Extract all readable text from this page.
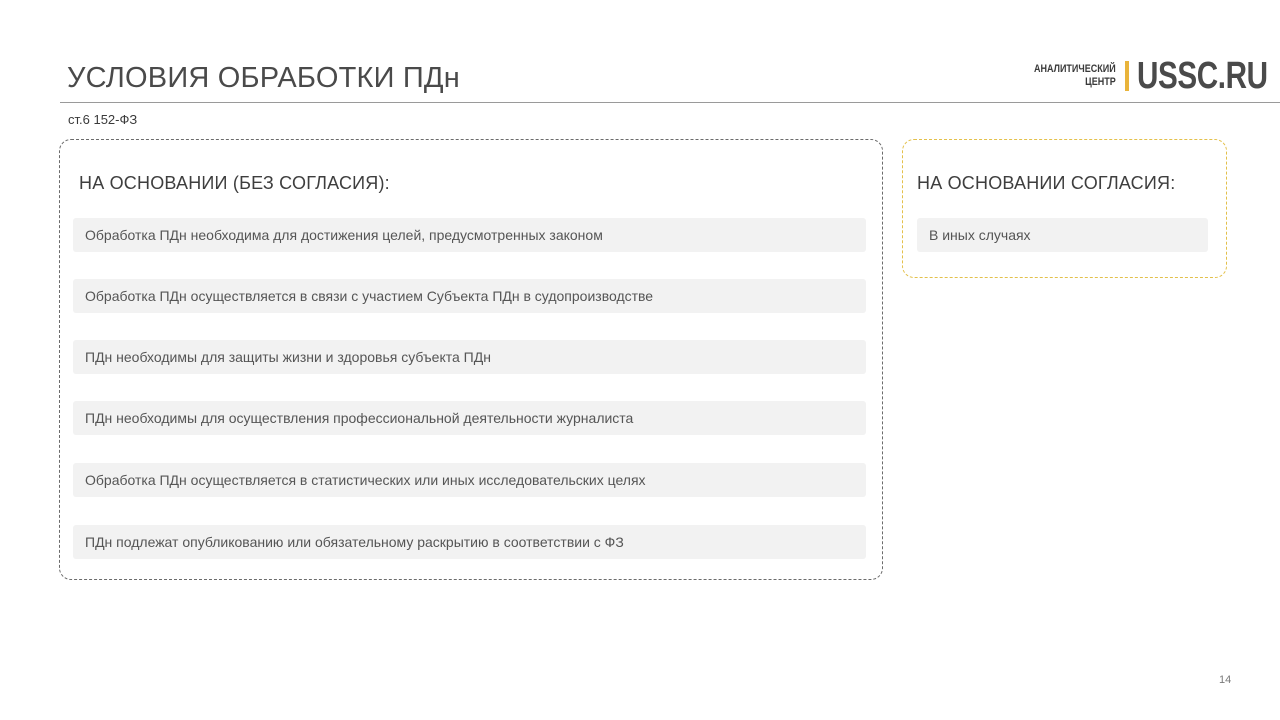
УСЛОВИЯ ОБРАБОТКИ ПДн
ст.6 152-ФЗ
АНАЛИТИЧЕСКИЙ
ЦЕНТР USSC.RU
НА ОСНОВАНИИ (БЕЗ СОГЛАСИЯ):
Обработка ПДн необходима для достижения целей, предусмотренных законом
Обработка ПДн осуществляется в связи с участием Субъекта ПДн в судопроизводстве
ПДн необходимы для защиты жизни и здоровья субъекта ПДн
ПДн необходимы для осуществления профессиональной деятельности журналиста
Обработка ПДн осуществляется в статистических или иных исследовательских целях
ПДн подлежат опубликованию или обязательному раскрытию в соответствии с ФЗ
НА ОСНОВАНИИ СОГЛАСИЯ:
В иных случаях
14
